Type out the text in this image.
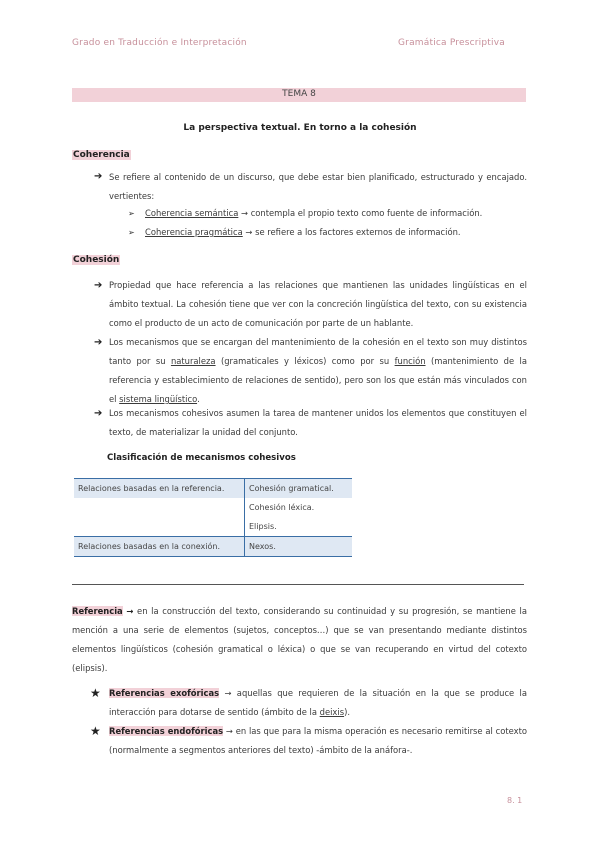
Grado en Traducción e Interpretación	Gramática Prescriptiva
TEMA 8
La perspectiva textual. En torno a la cohesión
Coherencia
➔ Se refiere al contenido de un discurso, que debe estar bien planificado, estructurado y encajado. vertientes:
➢ Coherencia semántica → contempla el propio texto como fuente de información.
➢ Coherencia pragmática → se refiere a los factores externos de información.
Cohesión
➔ Propiedad que hace referencia a las relaciones que mantienen las unidades lingüísticas en el ámbito textual. La cohesión tiene que ver con la concreción lingüística del texto, con su existencia como el producto de un acto de comunicación por parte de un hablante.
➔ Los mecanismos que se encargan del mantenimiento de la cohesión en el texto son muy distintos tanto por su naturaleza (gramaticales y léxicos) como por su función (mantenimiento de la referencia y establecimiento de relaciones de sentido), pero son los que están más vinculados con el sistema lingüístico.
➔ Los mecanismos cohesivos asumen la tarea de mantener unidos los elementos que constituyen el texto, de materializar la unidad del conjunto.
Clasificación de mecanismos cohesivos
Relaciones basadas en la referencia.	Cohesión gramatical.
	Cohesión léxica.
	Elipsis.
Relaciones basadas en la conexión.	Nexos.
Referencia → en la construcción del texto, considerando su continuidad y su progresión, se mantiene la mención a una serie de elementos (sujetos, conceptos…) que se van presentando mediante distintos elementos lingüísticos (cohesión gramatical o léxica) o que se van recuperando en virtud del cotexto (elipsis).
★ Referencias exofóricas → aquellas que requieren de la situación en la que se produce la interacción para dotarse de sentido (ámbito de la deixis).
★ Referencias endofóricas → en las que para la misma operación es necesario remitirse al cotexto (normalmente a segmentos anteriores del texto) -ámbito de la anáfora-.
8. 1
